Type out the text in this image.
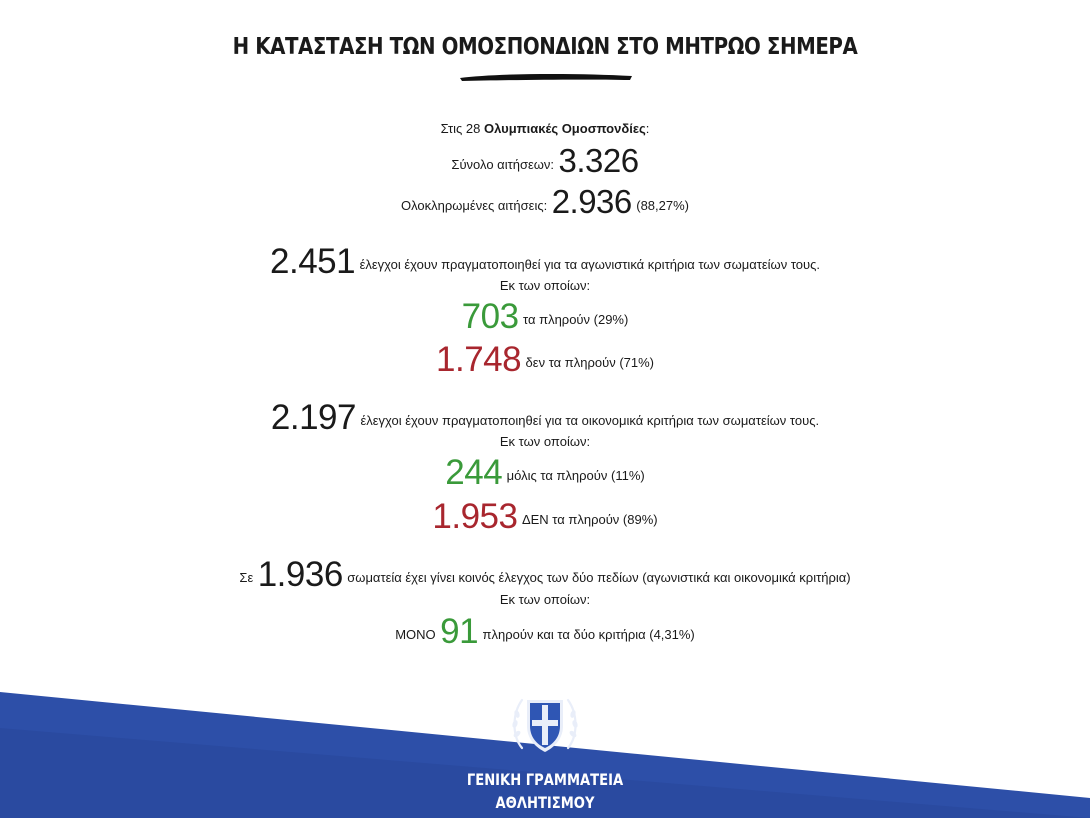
Η ΚΑΤΑΣΤΑΣΗ ΤΩΝ ΟΜΟΣΠΟΝΔΙΩΝ ΣΤΟ ΜΗΤΡΩΟ ΣΗΜΕΡΑ
Στις 28 Ολυμπιακές Ομοσπονδίες:
Σύνολο αιτήσεων: 3.326
Ολοκληρωμένες αιτήσεις: 2.936 (88,27%)
2.451 έλεγχοι έχουν πραγματοποιηθεί για τα αγωνιστικά κριτήρια των σωματείων τους.
Εκ των οποίων:
703 τα πληρούν (29%)
1.748 δεν τα πληρούν (71%)
2.197 έλεγχοι έχουν πραγματοποιηθεί για τα οικονομικά κριτήρια των σωματείων τους.
Εκ των οποίων:
244 μόλις τα πληρούν (11%)
1.953 ΔΕΝ τα πληρούν (89%)
Σε 1.936 σωματεία έχει γίνει κοινός έλεγχος των δύο πεδίων (αγωνιστικά και οικονομικά κριτήρια)
Εκ των οποίων:
ΜΟΝΟ 91 πληρούν και τα δύο κριτήρια (4,31%)
ΓΕΝΙΚΗ ΓΡΑΜΜΑΤΕΙΑ
ΑΘΛΗΤΙΣΜΟΥ
